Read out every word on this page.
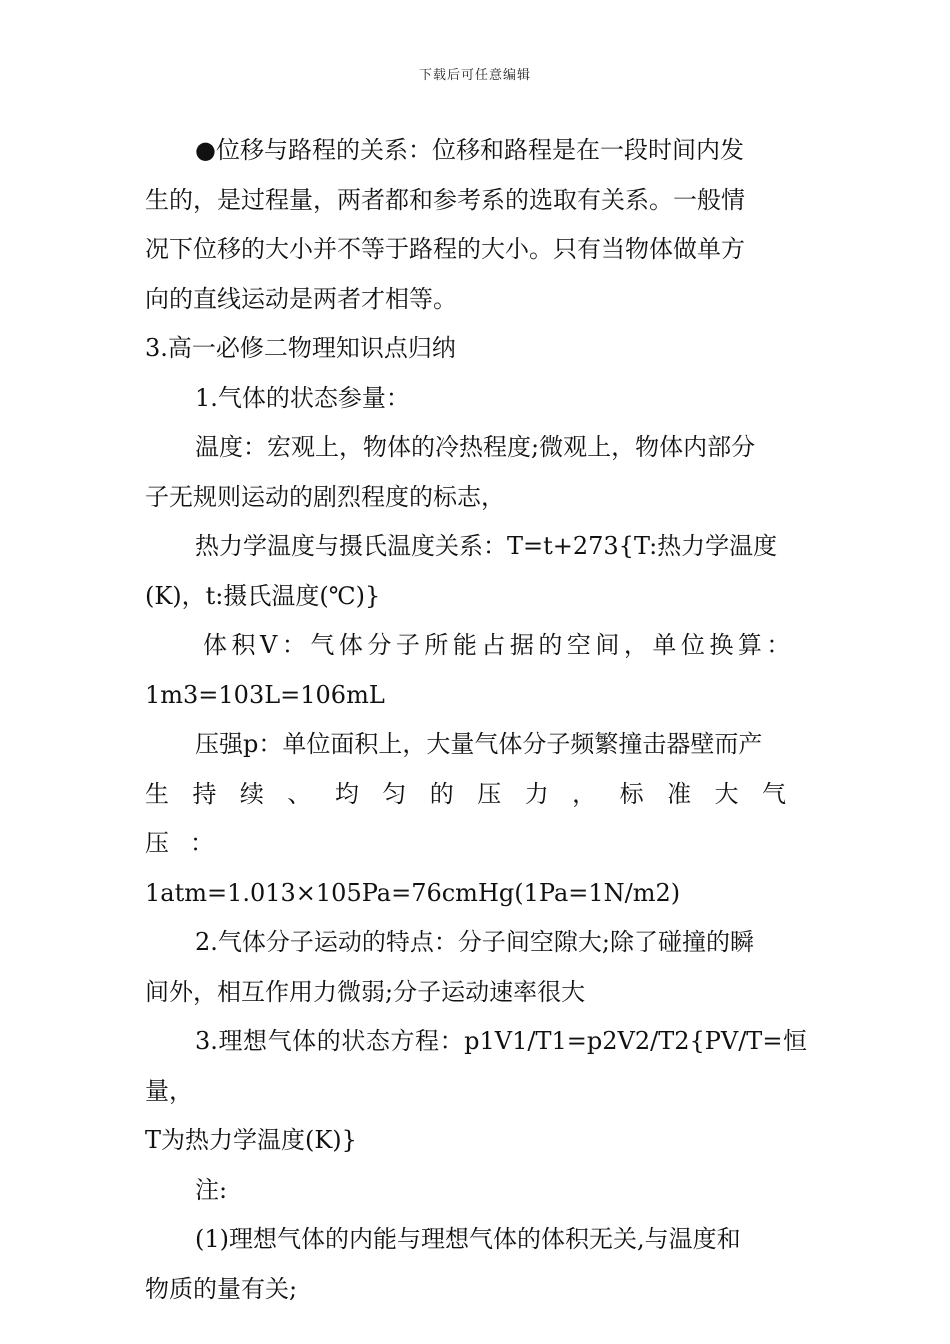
下载后可任意编辑

●位移与路程的关系：位移和路程是在一段时间内发
生的，是过程量，两者都和参考系的选取有关系。一般情
况下位移的大小并不等于路程的大小。只有当物体做单方
向的直线运动是两者才相等。

3.高一必修二物理知识点归纳

1.气体的状态参量：

温度：宏观上，物体的冷热程度;微观上，物体内部分
子无规则运动的剧烈程度的标志，

热力学温度与摄氏温度关系：T=t+273{T:热力学温度
(K)，t:摄氏温度(℃)}

体积V：气体分子所能占据的空间，单位换算：
1m3=103L=106mL

压强p：单位面积上，大量气体分子频繁撞击器壁而产
生持续、均匀的压力，标准大气压：
1atm=1.013×105Pa=76cmHg(1Pa=1N/m2)

2.气体分子运动的特点：分子间空隙大;除了碰撞的瞬
间外，相互作用力微弱;分子运动速率很大

3.理想气体的状态方程：p1V1/T1=p2V2/T2{PV/T=恒量，
T为热力学温度(K)}

注:

(1)理想气体的内能与理想气体的体积无关,与温度和
物质的量有关;
